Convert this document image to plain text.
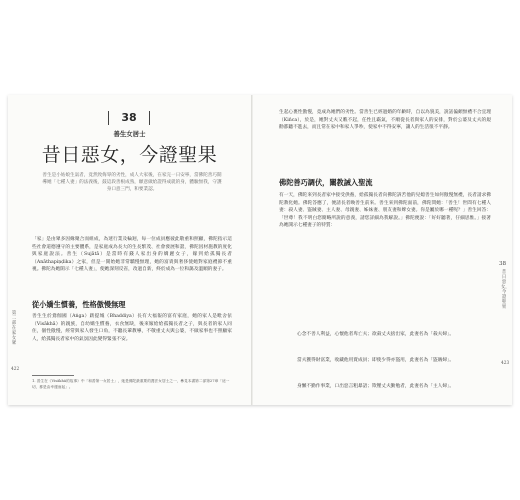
38
善生女居士
昔日惡女，今證聖果

善生是小姑娘生氣者，竟然致侮辱的劣性，成人大家後，在家完一日安寧，當佛陀善巧開導她「七種人妻」的法義後，鼓這段善根成熟，願意做給證得成就的身，體驗無我，守護身口意三門，和要業認。

「家」是由眾多因緣聚合而組成，為迷行業及輪迴，每一位成員應彼此敬重和照顧，佛陀指示這些社會道德遵守的主要體系，是家庭成為長大的生長繁茂、社會發展和諧，佛陀因材施教的度化與家庭說法。善生（Sujātā）是當時有錢人家出身的嬌麗女子，嫁到給孤獨長者（Anāthapiṇḍika）之家，但是一開始她非常驕慢無理，她的富貴與奢侈使她對家庭禮節不重視。佛陀為她開示「七種人妻」，使她深刻反省，改過自新，終於成為一位和藹及溫順的妻子。

從小嬌生慣養，性格傲慢無理

善生生於鴦伽國（Aṅga）跋提城（Bhaddiya）長有大福報的富有家庭，她的家人是毗舍佉（Visākhā）的親族，自幼嬌生慣養，衣食無缺，後來嫁給給孤獨長者之子，與長者的家人同住，個性傲慢，經常與家人發生口角，不聽長輩教導，不敬重丈夫與公婆，不做家事也不照顧家人，給孤獨長者家中的氣氛因此變得緊張不安。

1. 善生在《Visākhā的故事》中「和善第一女居士」，她是佛陀最重要的護法女居士之一，參見本書第二部第27章「這一切，都是由幸運而起」。

第二部 在家女眾
422

生起心裏性傲慢，竟成為她們的劣性。當善生已經過婚的年齡時，自以為貌美，說話偏頗無禮不合宜理（Kiñca），於是，她對丈夫又瞧不起，任性且霸氣，不順從長者與家人的安排，對於公婆及丈夫的規勸都聽不進去，而且常在家中和家人爭吵，使家中不得安寧，讓人的生活很不平靜。

佛陀善巧調伏，闡教誡入聖流

有一天，佛陀來到長者家中接受供養，給孤獨長者向佛陀訴苦他的兒媳善生如何傲慢無禮，長者請求佛陀教化她。佛陀答應了，便請長者喚善生前來。善生來到佛陀面前，佛陀問她：「善生！世間有七種人妻：殺人妻、盜賊妻、主人妻、母親妻、姊妹妻、朋友妻和婢女妻。你是屬於哪一種呢？」善生回答：「世尊！我不明白您簡略所說的意義，請您詳細為我解說。」佛陀便說：「好好聽著，仔細思惟。」接著為她開示七種妻子的特質：

心念不善人利益，心懷他者卑亡夫；欲殺丈夫捨出家，此妻名為「殺夫婦」。

當夫獲得財富業，收藏他用賣成員；即使少得亦盜用，此妻名為「盜賊婦」。

身懶不勤作事業，口出惡言粗暴語；欺壓丈夫勤勉者，此妻名為「主人婦」。

38
昔日惡女，今證聖果
423
